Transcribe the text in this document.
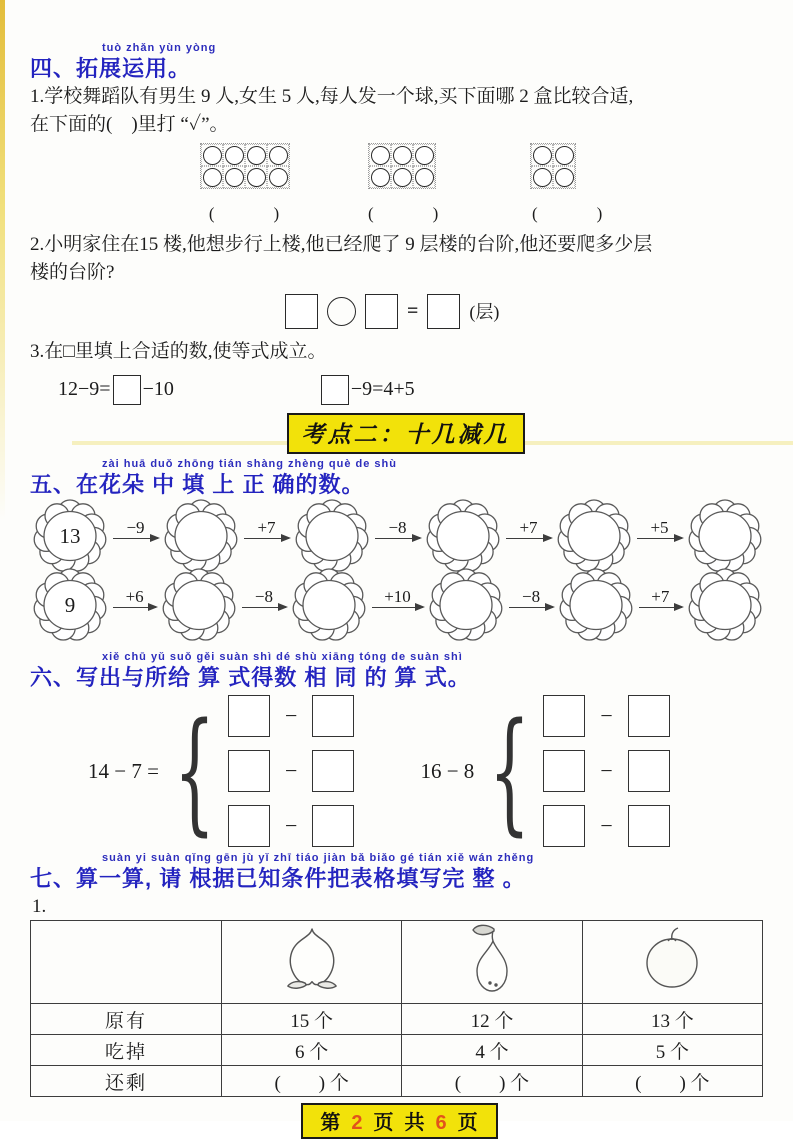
tuò zhǎn yùn yòng
四、拓展运用。

1.学校舞蹈队有男生 9 人,女生 5 人,每人发一个球,买下面哪 2 盒比较合适,

在下面的(　)里打 “✓”。

(　　　)	(　　　)	(　　　)

2.小明家住在15 楼,他想步行上楼,他已经爬了 9 层楼的台阶,他还要爬多少层

楼的台阶?

=	(层)

3.在□里填上合适的数,使等式成立。

12−9= −10	−9=4+5
考点二：十几减几
zài huā duǒ zhōng tián shàng zhèng què de shù
五、在花朵 中 填 上 正 确的数。
13	−9	+7	−8	+7	+5
9	+6	−8	+10	−8	+7
xiě chū yǔ suǒ gěi suàn shì dé shù xiāng tóng de suàn shì
六、写出与所给 算 式得数 相 同 的 算 式。
14 − 7 = {	−
−
−
16 − 8 {	−
−
−
suàn yi suàn qǐng gēn jù yǐ zhī tiáo jiàn bǎ biǎo gé tián xiě wán zhěng
七、算一算, 请 根据已知条件把表格填写完 整 。
1.

原有	15 个	12 个	13 个
吃掉	6 个	4 个	5 个
还剩	(　　) 个	(　　) 个	(　　) 个
第 2 页 共 6 页
